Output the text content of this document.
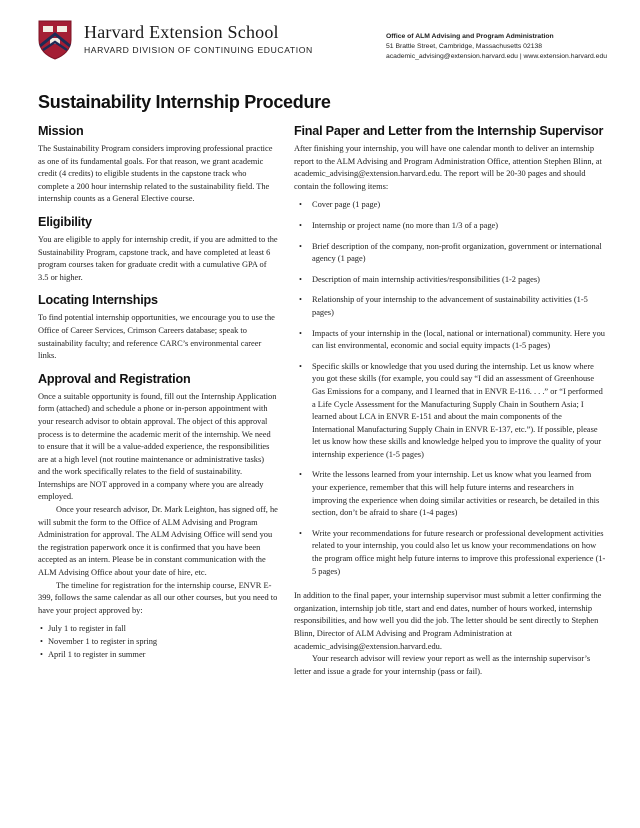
Harvard Extension School
HARVARD DIVISION OF CONTINUING EDUCATION
Office of ALM Advising and Program Administration
51 Brattle Street, Cambridge, Massachusetts 02138
academic_advising@extension.harvard.edu | www.extension.harvard.edu
Sustainability Internship Procedure
Mission

The Sustainability Program considers improving professional practice as one of its fundamental goals. For that reason, we grant academic credit (4 credits) to eligible students in the capstone track who complete a 200 hour internship related to the sustainability field. The internship counts as a General Elective course.

Eligibility

You are eligible to apply for internship credit, if you are admitted to the Sustainability Program, capstone track, and have completed at least 6 program courses taken for graduate credit with a cumulative GPA of 3.5 or higher.

Locating Internships

To find potential internship opportunities, we encourage you to use the Office of Career Services, Crimson Careers database; speak to sustainability faculty; and reference CARC’s environmental career links.

Approval and Registration

Once a suitable opportunity is found, fill out the Internship Application form (attached) and schedule a phone or in-person appointment with your research advisor to obtain approval. The object of this approval process is to determine the academic merit of the internship. We need to ensure that it will be a value-added experience, the responsibilities are at a high level (not routine maintenance or administrative tasks) and the work specifically relates to the field of sustainability. Internships are NOT approved in a company where you are already employed.

Once your research advisor, Dr. Mark Leighton, has signed off, he will submit the form to the Office of ALM Advising and Program Administration for approval. The ALM Advising Office will send you the registration paperwork once it is confirmed that you have been accepted as an intern. Please be in constant communication with the ALM Advising Office about your date of hire, etc.

The timeline for registration for the internship course, ENVR E-399, follows the same calendar as all our other courses, but you need to have your project approved by:

• July 1 to register in fall
• November 1 to register in spring
• April 1 to register in summer
Final Paper and Letter from the Internship Supervisor

After finishing your internship, you will have one calendar month to deliver an internship report to the ALM Advising and Program Administration Office, attention Stephen Blinn, at academic_advising@extension.harvard.edu. The report will be 20-30 pages and should contain the following items:

• Cover page (1 page)
• Internship or project name (no more than 1/3 of a page)
• Brief description of the company, non-profit organization, government or international agency (1 page)
• Description of main internship activities/responsibilities (1-2 pages)
• Relationship of your internship to the advancement of sustainability activities (1-5 pages)
• Impacts of your internship in the (local, national or international) community. Here you can list environmental, economic and social equity impacts (1-5 pages)
• Specific skills or knowledge that you used during the internship. Let us know where you got these skills (for example, you could say “I did an assessment of Greenhouse Gas Emissions for a company, and I learned that in ENVR E-116. . . .” or “I performed a Life Cycle Assessment for the Manufacturing Supply Chain in Southern Asia; I learned about LCA in ENVR E-151 and about the main components of the International Manufacturing Supply Chain in ENVR E-137, etc.”). If possible, please let us know how these skills and knowledge helped you to improve the quality of your internship experience (1-5 pages)
• Write the lessons learned from your internship. Let us know what you learned from your experience, remember that this will help future interns and researchers in improving the experience when doing similar activities or research, be detailed in this section, don’t be afraid to share (1-4 pages)
• Write your recommendations for future research or professional development activities related to your internship, you could also let us know your recommendations on how the program office might help future interns to improve this professional experience (1-5 pages)

In addition to the final paper, your internship supervisor must submit a letter confirming the organization, internship job title, start and end dates, number of hours worked, internship responsibilities, and how well you did the job. The letter should be sent directly to Stephen Blinn, Director of ALM Advising and Program Administration at academic_advising@extension.harvard.edu.

Your research advisor will review your report as well as the internship supervisor’s letter and issue a grade for your internship (pass or fail).
